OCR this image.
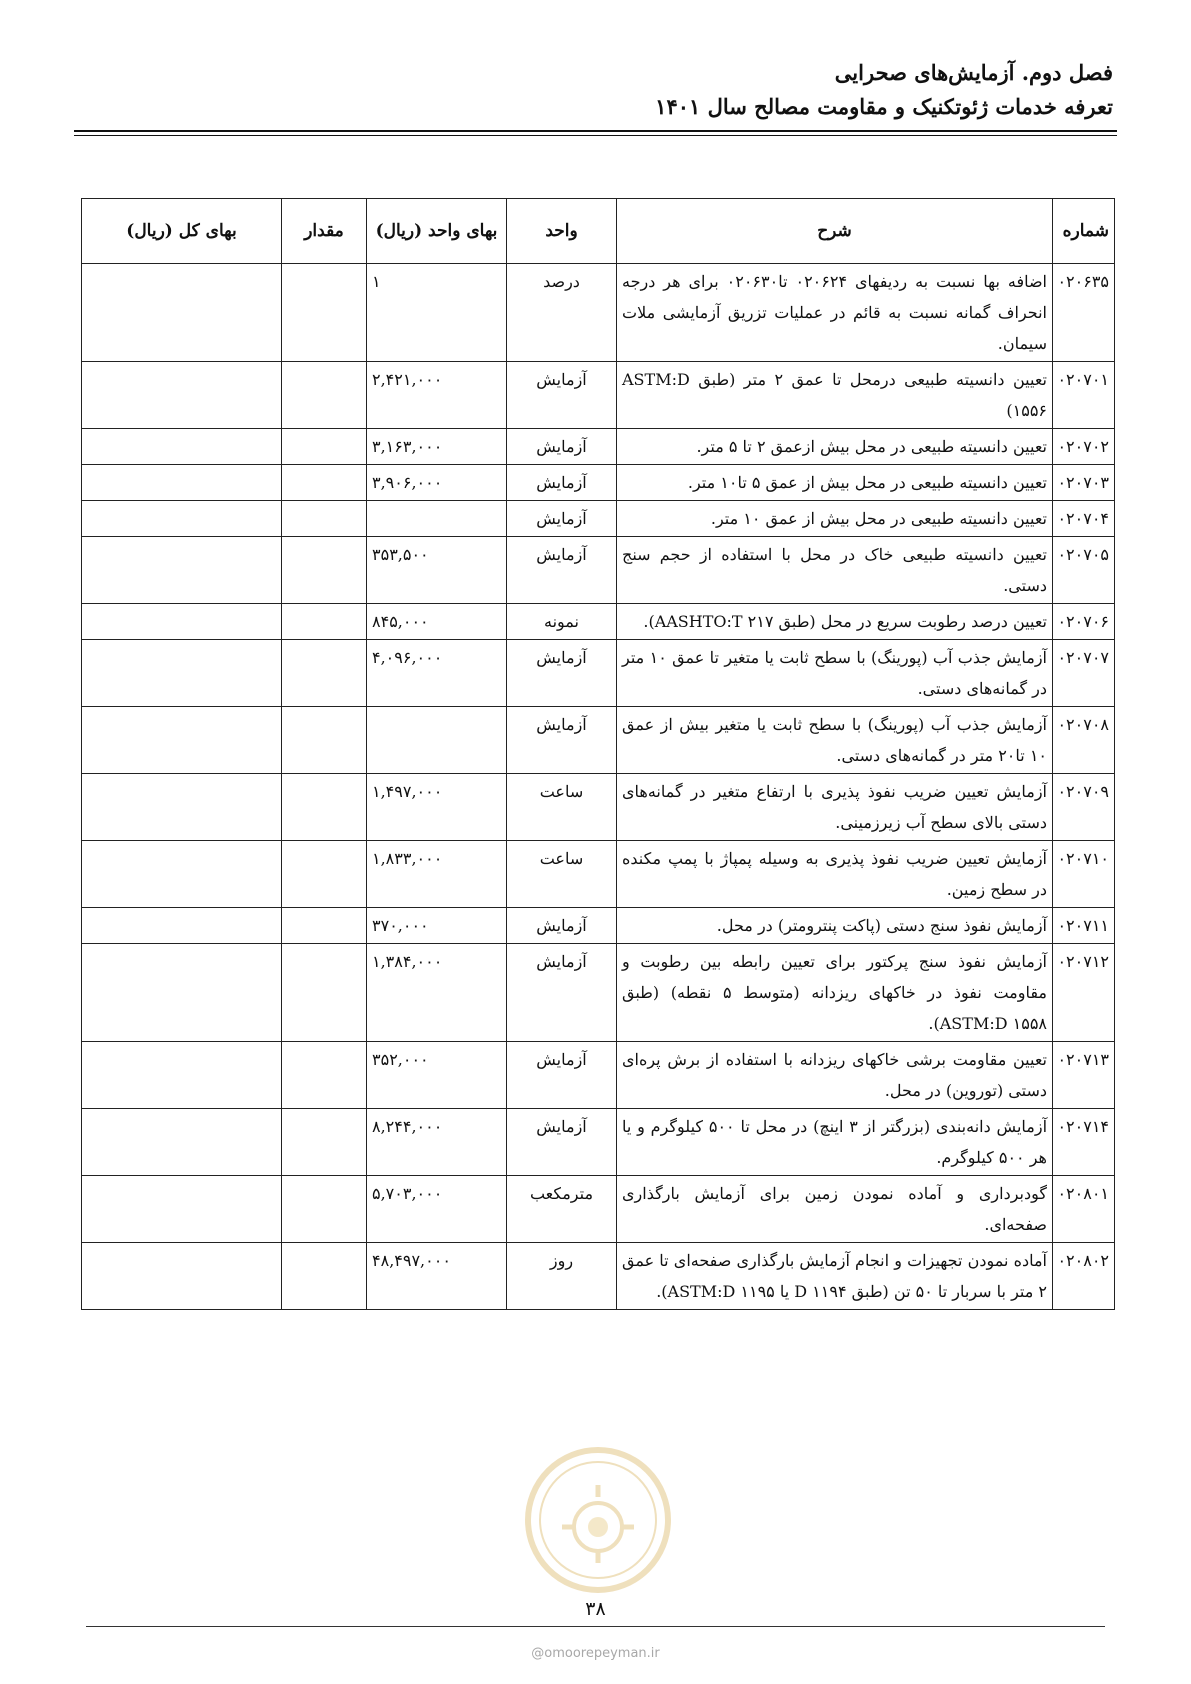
فصل دوم. آزمایش‌های صحرایی
تعرفه خدمات ژئوتکنیک و مقاومت مصالح سال ۱۴۰۱
شماره	شرح	واحد	بهای واحد (ریال)	مقدار	بهای کل (ریال)
۰۲۰۶۳۵	اضافه بها نسبت به ردیفهای ۰۲۰۶۲۴ تا۰۲۰۶۳۰ برای هر درجه انحراف گمانه نسبت به قائم در عملیات تزریق آزمایشی ملات سیمان.	درصد	۱		
۰۲۰۷۰۱	تعیین دانسیته طبیعی درمحل تا عمق ۲ متر (طبق ASTM:D ۱۵۵۶)	آزمایش	۲,۴۲۱,۰۰۰		
۰۲۰۷۰۲	تعیین دانسیته طبیعی در محل بیش ازعمق ۲ تا ۵ متر.	آزمایش	۳,۱۶۳,۰۰۰		
۰۲۰۷۰۳	تعیین دانسیته طبیعی در محل بیش از عمق ۵ تا۱۰ متر.	آزمایش	۳,۹۰۶,۰۰۰		
۰۲۰۷۰۴	تعیین دانسیته طبیعی در محل بیش از عمق ۱۰ متر.	آزمایش			
۰۲۰۷۰۵	تعیین دانسیته طبیعی خاک در محل با استفاده از حجم سنج دستی.	آزمایش	۳۵۳,۵۰۰		
۰۲۰۷۰۶	تعیین درصد رطوبت سریع در محل (طبق AASHTO:T ۲۱۷).	نمونه	۸۴۵,۰۰۰		
۰۲۰۷۰۷	آزمایش جذب آب (پورینگ) با سطح ثابت یا متغیر تا عمق ۱۰ متر در گمانه‌های دستی.	آزمایش	۴,۰۹۶,۰۰۰		
۰۲۰۷۰۸	آزمایش جذب آب (پورینگ) با سطح ثابت یا متغیر بیش از عمق ۱۰ تا۲۰ متر در گمانه‌های دستی.	آزمایش			
۰۲۰۷۰۹	آزمایش تعیین ضریب نفوذ پذیری با ارتفاع متغیر در گمانه‌های دستی بالای سطح آب زیرزمینی.	ساعت	۱,۴۹۷,۰۰۰		
۰۲۰۷۱۰	آزمایش تعیین ضریب نفوذ پذیری به وسیله پمپاژ با پمپ مکنده در سطح زمین.	ساعت	۱,۸۳۳,۰۰۰		
۰۲۰۷۱۱	آزمایش نفوذ سنج دستی (پاکت پنترومتر) در محل.	آزمایش	۳۷۰,۰۰۰		
۰۲۰۷۱۲	آزمایش نفوذ سنج پرکتور برای تعیین رابطه بین رطوبت و مقاومت نفوذ در خاکهای ریزدانه (متوسط ۵ نقطه) (طبق ASTM:D ۱۵۵۸).	آزمایش	۱,۳۸۴,۰۰۰		
۰۲۰۷۱۳	تعیین مقاومت برشی خاکهای ریزدانه با استفاده از برش پره‌ای دستی (توروین) در محل.	آزمایش	۳۵۲,۰۰۰		
۰۲۰۷۱۴	آزمایش دانه‌بندی (بزرگتر از ۳ اینچ) در محل تا ۵۰۰ کیلوگرم و یا هر ۵۰۰ کیلوگرم.	آزمایش	۸,۲۴۴,۰۰۰		
۰۲۰۸۰۱	گودبرداری و آماده نمودن زمین برای آزمایش بارگذاری صفحه‌ای.	مترمکعب	۵,۷۰۳,۰۰۰		
۰۲۰۸۰۲	آماده نمودن تجهیزات و انجام آزمایش بارگذاری صفحه‌ای تا عمق ۲ متر با سربار تا ۵۰ تن (طبق D ۱۱۹۴ یا ASTM:D ۱۱۹۵).	روز	۴۸,۴۹۷,۰۰۰		
۳۸
@omoorepeyman.ir
